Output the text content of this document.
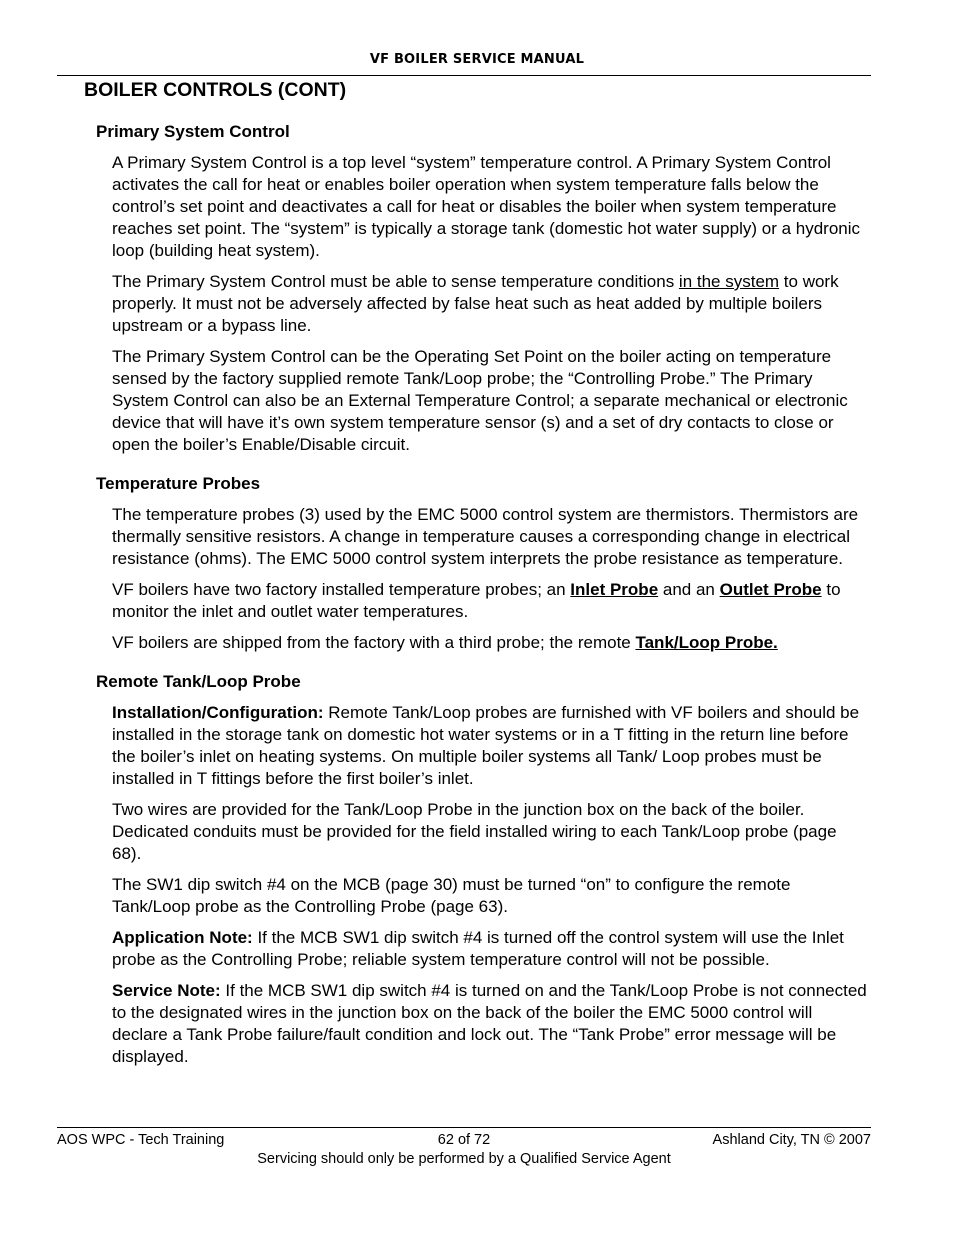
VF BOILER SERVICE MANUAL
BOILER CONTROLS (CONT)
Primary System Control

A Primary System Control is a top level “system” temperature control. A Primary System Control activates the call for heat or enables boiler operation when system temperature falls below the control’s set point and deactivates a call for heat or disables the boiler when system temperature reaches set point. The “system” is typically a storage tank (domestic hot water supply) or a hydronic loop (building heat system).

The Primary System Control must be able to sense temperature conditions in the system to work properly. It must not be adversely affected by false heat such as heat added by multiple boilers upstream or a bypass line.

The Primary System Control can be the Operating Set Point on the boiler acting on temperature sensed by the factory supplied remote Tank/Loop probe; the “Controlling Probe.” The Primary System Control can also be an External Temperature Control; a separate mechanical or electronic device that will have it’s own system temperature sensor (s) and a set of dry contacts to close or open the boiler’s Enable/Disable circuit.

Temperature Probes

The temperature probes (3) used by the EMC 5000 control system are thermistors. Thermistors are thermally sensitive resistors. A change in temperature causes a corresponding change in electrical resistance (ohms). The EMC 5000 control system interprets the probe resistance as temperature.

VF boilers have two factory installed temperature probes; an Inlet Probe and an Outlet Probe to monitor the inlet and outlet water temperatures.

VF boilers are shipped from the factory with a third probe; the remote Tank/Loop Probe.

Remote Tank/Loop Probe

Installation/Configuration: Remote Tank/Loop probes are furnished with VF boilers and should be installed in the storage tank on domestic hot water systems or in a T fitting in the return line before the boiler’s inlet on heating systems. On multiple boiler systems all Tank/ Loop probes must be installed in T fittings before the first boiler’s inlet.

Two wires are provided for the Tank/Loop Probe in the junction box on the back of the boiler. Dedicated conduits must be provided for the field installed wiring to each Tank/Loop probe (page 68).

The SW1 dip switch #4 on the MCB (page 30) must be turned “on” to configure the remote Tank/Loop probe as the Controlling Probe (page 63).

Application Note: If the MCB SW1 dip switch #4 is turned off the control system will use the Inlet probe as the Controlling Probe; reliable system temperature control will not be possible.

Service Note: If the MCB SW1 dip switch #4 is turned on and the Tank/Loop Probe is not connected to the designated wires in the junction box on the back of the boiler the EMC 5000 control will declare a Tank Probe failure/fault condition and lock out. The “Tank Probe” error message will be displayed.

AOS WPC - Tech Training	62 of 72	Ashland City, TN © 2007
Servicing should only be performed by a Qualified Service Agent
